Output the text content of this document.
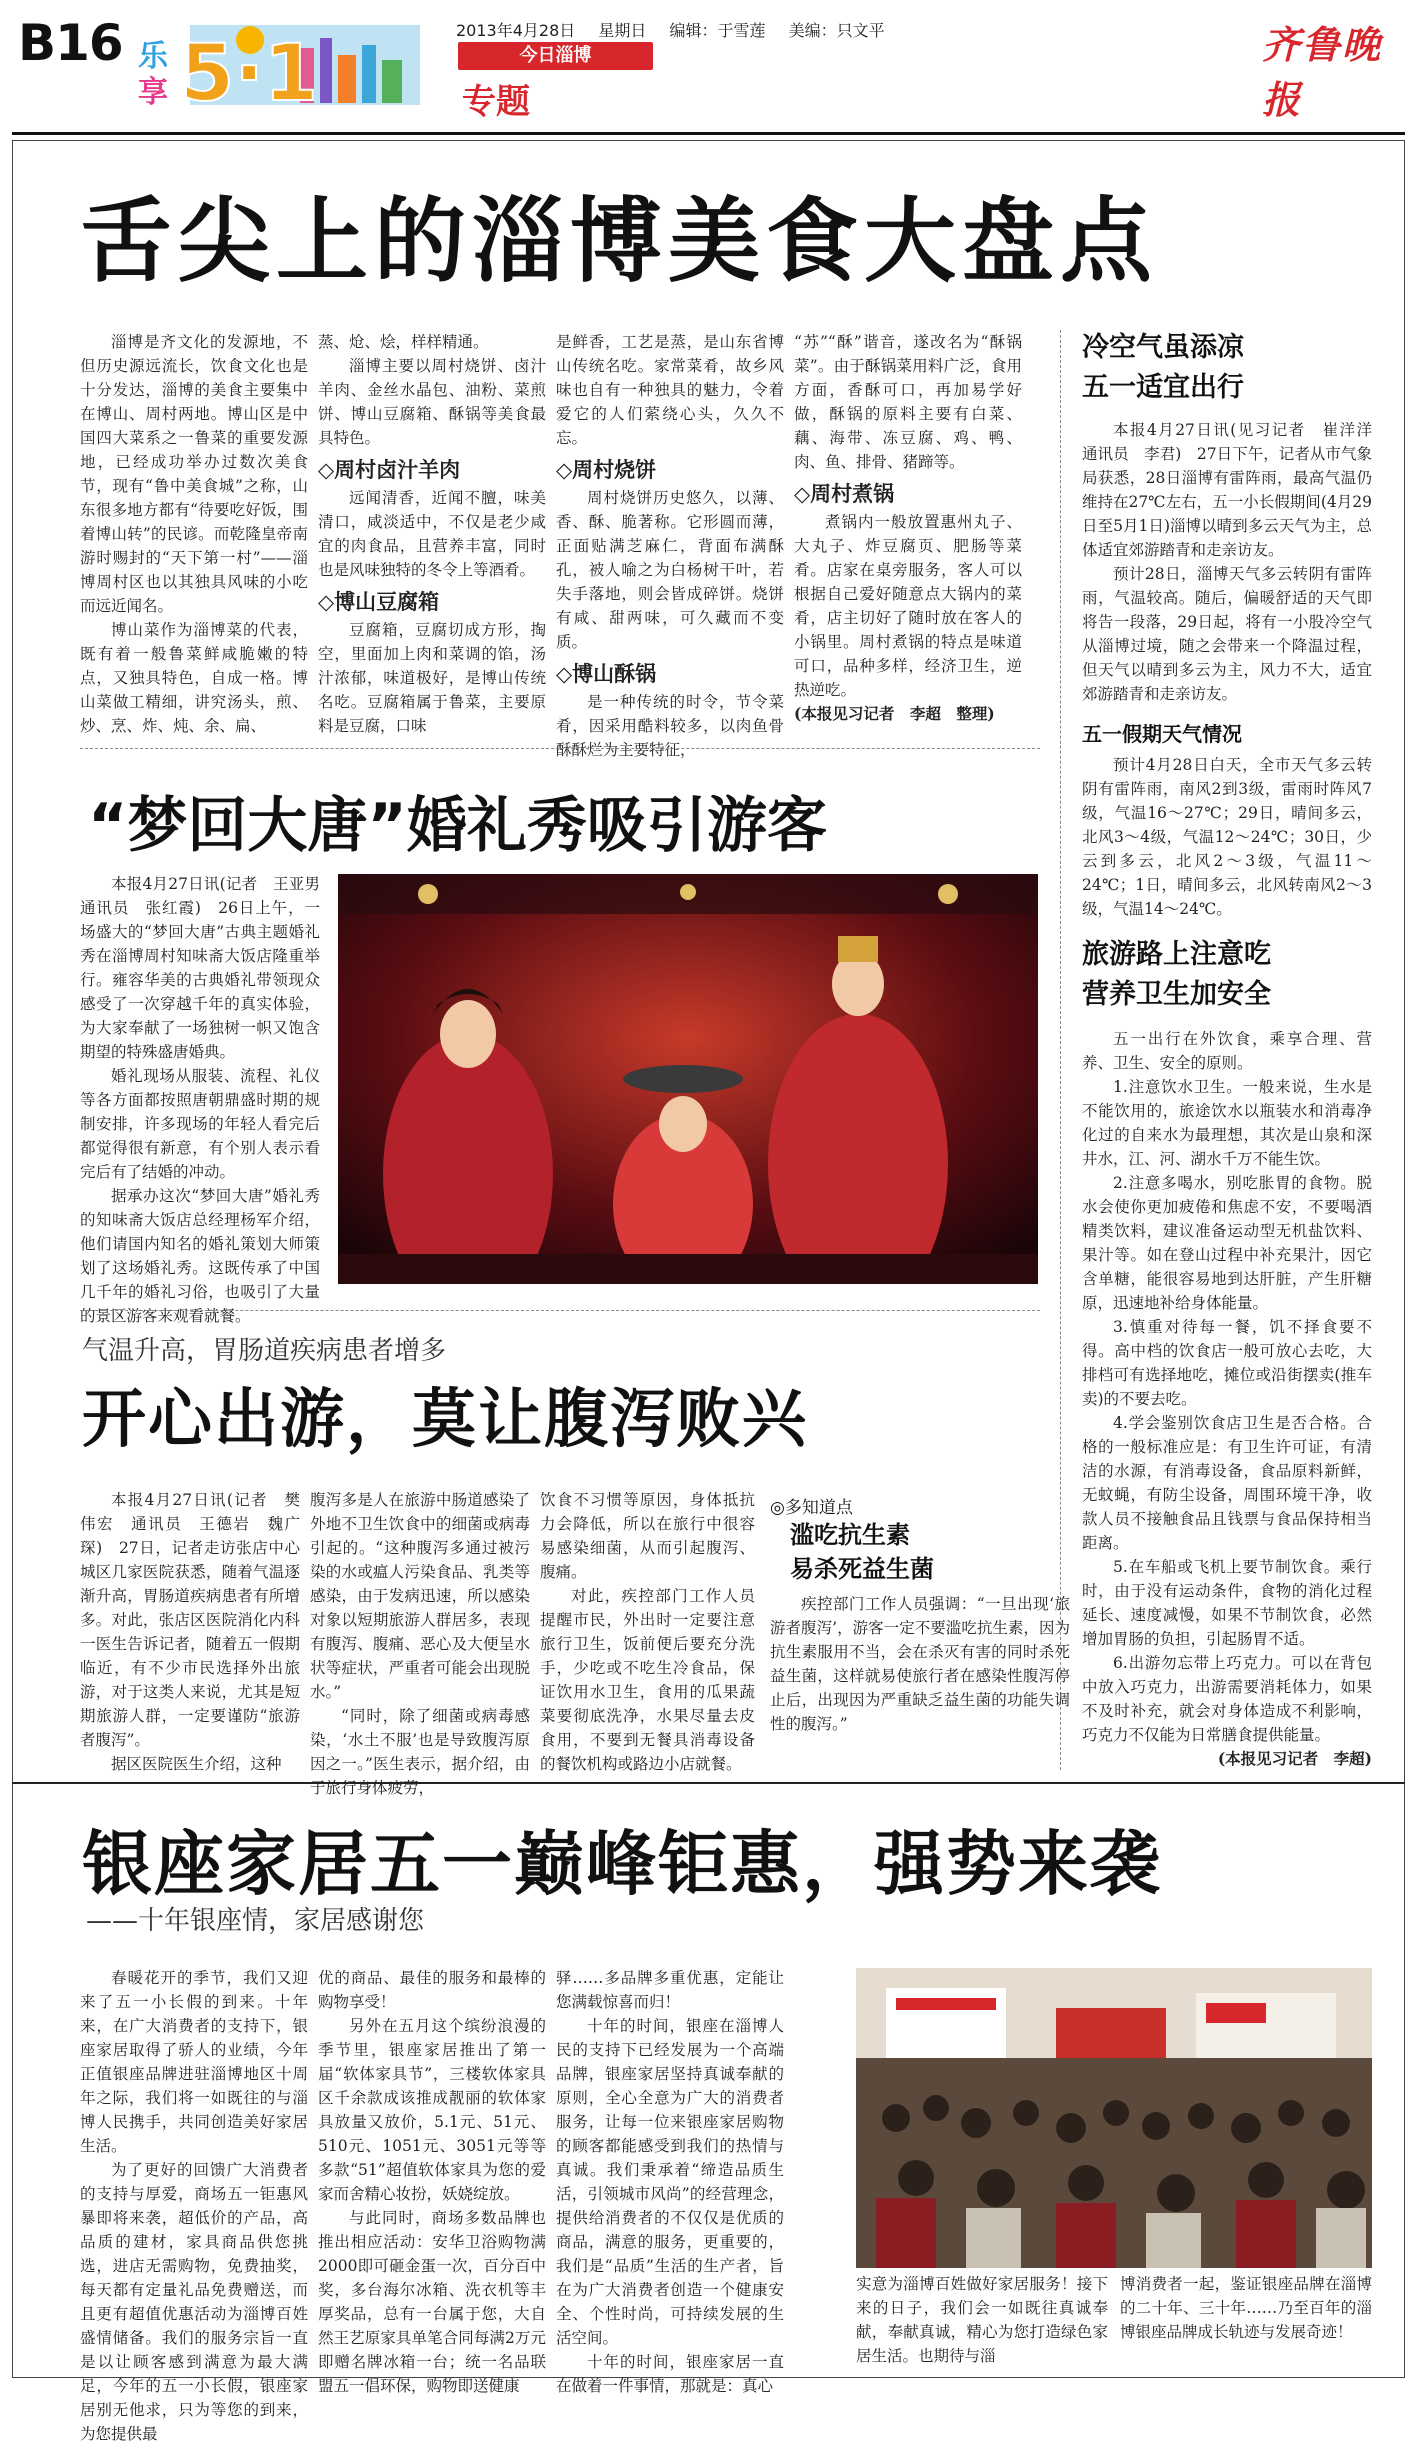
B16 乐
享 5·1	2013年4月28日 星期日 编辑：于雪莲 美编：只文平
今日淄博
专题
齐鲁晚报
舌尖上的淄博美食大盘点
淄博是齐文化的发源地，不但历史源远流长，饮食文化也是十分发达，淄博的美食主要集中在博山、周村两地。博山区是中国四大菜系之一鲁菜的重要发源地，已经成功举办过数次美食节，现有“鲁中美食城”之称，山东很多地方都有“待要吃好饭，围着博山转”的民谚。而乾隆皇帝南游时赐封的“天下第一村”——淄博周村区也以其独具风味的小吃而远近闻名。
博山菜作为淄博菜的代表，既有着一般鲁菜鲜咸脆嫩的特点，又独具特色，自成一格。博山菜做工精细，讲究汤头，煎、炒、烹、炸、炖、余、扁、
蒸、炝、烩，样样精通。
淄博主要以周村烧饼、卤汁羊肉、金丝水晶包、油粉、菜煎饼、博山豆腐箱、酥锅等美食最具特色。
◇周村卤汁羊肉
远闻清香，近闻不膻，味美清口，咸淡适中，不仅是老少咸宜的肉食品，且营养丰富，同时也是风味独特的冬令上等酒肴。
◇博山豆腐箱
豆腐箱，豆腐切成方形，掏空，里面加上肉和菜调的馅，汤汁浓郁，味道极好，是博山传统名吃。豆腐箱属于鲁菜，主要原料是豆腐，口味
是鲜香，工艺是蒸，是山东省博山传统名吃。家常菜肴，故乡风味也自有一种独具的魅力，令着爱它的人们萦绕心头，久久不忘。
◇周村烧饼
周村烧饼历史悠久，以薄、香、酥、脆著称。它形圆而薄，正面贴满芝麻仁，背面布满酥孔，被人喻之为白杨树干叶，若失手落地，则会皆成碎饼。烧饼有咸、甜两味，可久藏而不变质。
◇博山酥锅
是一种传统的时令，节令菜肴，因采用酷料较多，以肉鱼骨酥酥烂为主要特征，
“苏”“酥”谐音，遂改名为“酥锅菜”。由于酥锅菜用料广泛，食用方面，香酥可口，再加易学好做，酥锅的原料主要有白菜、藕、海带、冻豆腐、鸡、鸭、肉、鱼、排骨、猪蹄等。
◇周村煮锅
煮锅内一般放置惠州丸子、大丸子、炸豆腐页、肥肠等菜肴。店家在桌旁服务，客人可以根据自己爱好随意点大锅内的菜肴，店主切好了随时放在客人的小锅里。周村煮锅的特点是味道可口，品种多样，经济卫生，逆热逆吃。
(本报见习记者　李超　整理)
冷空气虽添凉
五一适宜出行
本报4月27日讯(见习记者　崔洋洋　通讯员　李君)　27日下午，记者从市气象局获悉，28日淄博有雷阵雨，最高气温仍维持在27℃左右，五一小长假期间(4月29日至5月1日)淄博以晴到多云天气为主，总体适宜郊游踏青和走亲访友。
预计28日，淄博天气多云转阴有雷阵雨，气温较高。随后，偏暖舒适的天气即将告一段落，29日起，将有一小股冷空气从淄博过境，随之会带来一个降温过程，但天气以晴到多云为主，风力不大，适宜郊游踏青和走亲访友。
五一假期天气情况
预计4月28日白天，全市天气多云转阴有雷阵雨，南风2到3级，雷雨时阵风7级，气温16～27℃；29日，晴间多云，北风3～4级，气温12～24℃；30日，少云到多云，北风2～3级，气温11～24℃；1日，晴间多云，北风转南风2～3级，气温14～24℃。
“梦回大唐”婚礼秀吸引游客
本报4月27日讯(记者　王亚男　通讯员　张红霞)　26日上午，一场盛大的“梦回大唐”古典主题婚礼秀在淄博周村知味斋大饭店隆重举行。雍容华美的古典婚礼带领现众感受了一次穿越千年的真实体验，为大家奉献了一场独树一帜又饱含期望的特殊盛唐婚典。
婚礼现场从服装、流程、礼仪等各方面都按照唐朝鼎盛时期的规制安排，许多现场的年轻人看完后都觉得很有新意，有个别人表示看完后有了结婚的冲动。
据承办这次“梦回大唐”婚礼秀的知味斋大饭店总经理杨军介绍，他们请国内知名的婚礼策划大师策划了这场婚礼秀。这既传承了中国几千年的婚礼习俗，也吸引了大量的景区游客来观看就餐。
旅游路上注意吃
营养卫生加安全
五一出行在外饮食，乘享合理、营养、卫生、安全的原则。
1.注意饮水卫生。一般来说，生水是不能饮用的，旅途饮水以瓶装水和消毒净化过的自来水为最理想，其次是山泉和深井水，江、河、湖水千万不能生饮。
2.注意多喝水，别吃胀胃的食物。脱水会使你更加疲倦和焦虑不安，不要喝酒精类饮料，建议准备运动型无机盐饮料、果汁等。如在登山过程中补充果汁，因它含单糖，能很容易地到达肝脏，产生肝糖原，迅速地补给身体能量。
3.慎重对待每一餐，饥不择食要不得。高中档的饮食店一般可放心去吃，大排档可有选择地吃，摊位或沿街摆卖(推车卖)的不要去吃。
4.学会鉴别饮食店卫生是否合格。合格的一般标准应是：有卫生许可证，有清洁的水源，有消毒设备，食品原料新鲜，无蚊蝇，有防尘设备，周围环境干净，收款人员不接触食品且钱票与食品保持相当距离。
5.在车船或飞机上要节制饮食。乘行时，由于没有运动条件，食物的消化过程延长、速度减慢，如果不节制饮食，必然增加胃肠的负担，引起肠胃不适。
6.出游勿忘带上巧克力。可以在背包中放入巧克力，出游需要消耗体力，如果不及时补充，就会对身体造成不利影响，巧克力不仅能为日常膳食提供能量。
(本报见习记者　李超)
气温升高，胃肠道疾病患者增多
开心出游，莫让腹泻败兴
本报4月27日讯(记者　樊伟宏　通讯员　王德岩　魏广琛)　27日，记者走访张店中心城区几家医院获悉，随着气温逐渐升高，胃肠道疾病患者有所增多。对此，张店区医院消化内科一医生告诉记者，随着五一假期临近，有不少市民选择外出旅游，对于这类人来说，尤其是短期旅游人群，一定要谨防“旅游者腹泻”。
据区医院医生介绍，这种
腹泻多是人在旅游中肠道感染了外地不卫生饮食中的细菌或病毒引起的。“这种腹泻多通过被污染的水或瘟人污染食品、乳类等感染，由于发病迅速，所以感染对象以短期旅游人群居多，表现有腹泻、腹痛、恶心及大便呈水状等症状，严重者可能会出现脱水。”
“同时，除了细菌或病毒感染，‘水土不服’也是导致腹泻原因之一。”医生表示，据介绍，由于旅行身体疲劳，
饮食不习惯等原因，身体抵抗力会降低，所以在旅行中很容易感染细菌，从而引起腹泻、腹痛。
对此，疾控部门工作人员提醒市民，外出时一定要注意旅行卫生，饭前便后要充分洗手，少吃或不吃生冷食品，保证饮用水卫生，食用的瓜果蔬菜要彻底洗净，水果尽量去皮食用，不要到无餐具消毒设备的餐饮机构或路边小店就餐。
◎多知道点
滥吃抗生素
易杀死益生菌
疾控部门工作人员强调：“一旦出现‘旅游者腹泻’，游客一定不要滥吃抗生素，因为抗生素服用不当，会在杀灭有害的同时杀死益生菌，这样就易使旅行者在感染性腹泻停止后，出现因为严重缺乏益生菌的功能失调性的腹泻。”
银座家居五一巅峰钜惠，强势来袭
——十年银座情，家居感谢您
春暖花开的季节，我们又迎来了五一小长假的到来。十年来，在广大消费者的支持下，银座家居取得了骄人的业绩，今年正值银座品牌进驻淄博地区十周年之际，我们将一如既往的与淄博人民携手，共同创造美好家居生活。
为了更好的回馈广大消费者的支持与厚爱，商场五一钜惠风暴即将来袭，超低价的产品，高品质的建材，家具商品供您挑选，进店无需购物，免费抽奖，每天都有定量礼品免费赠送，而且更有超值优惠活动为淄博百姓盛情储备。我们的服务宗旨一直是以让顾客感到满意为最大满足，今年的五一小长假，银座家居别无他求，只为等您的到来，为您提供最
优的商品、最佳的服务和最棒的购物享受！
另外在五月这个缤纷浪漫的季节里，银座家居推出了第一届“软体家具节”，三楼软体家具区千余款成该推成靓丽的软体家具放量又放价，5.1元、51元、510元、1051元、3051元等等多款“51”超值软体家具为您的爱家而舍精心妆扮，妖娆绽放。
与此同时，商场多数品牌也推出相应活动：安华卫浴购物满2000即可砸金蛋一次，百分百中奖，多台海尔冰箱、洗衣机等丰厚奖品，总有一台属于您，大自然王艺原家具单笔合同每满2万元即赠名牌冰箱一台；统一名品联盟五一倡环保，购物即送健康
驿……多品牌多重优惠，定能让您满载惊喜而归！
十年的时间，银座在淄博人民的支持下已经发展为一个高端品牌，银座家居坚持真诚奉献的原则，全心全意为广大的消费者服务，让每一位来银座家居购物的顾客都能感受到我们的热情与真诚。我们秉承着“缔造品质生活，引领城市风尚”的经营理念，提供给消费者的不仅仅是优质的商品，满意的服务，更重要的，我们是“品质”生活的生产者，旨在为广大消费者创造一个健康安全、个性时尚，可持续发展的生活空间。
十年的时间，银座家居一直在做着一件事情，那就是：真心
实意为淄博百姓做好家居服务！接下来的日子，我们会一如既往真诚奉献，奉献真诚，精心为您打造绿色家居生活。也期待与淄
博消费者一起，鉴证银座品牌在淄博的二十年、三十年……乃至百年的淄博银座品牌成长轨迹与发展奇迹！
